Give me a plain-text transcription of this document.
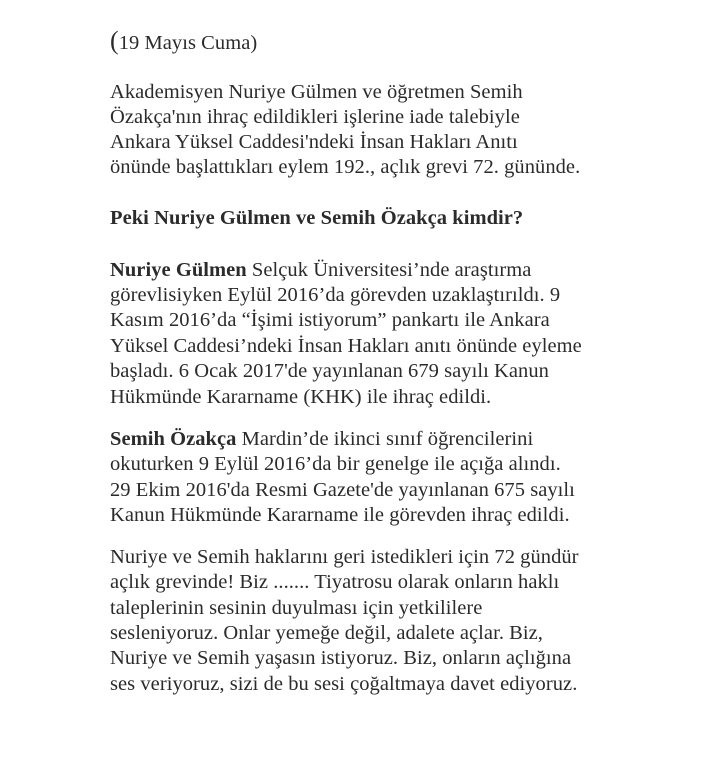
(19 Mayıs Cuma)
Akademisyen Nuriye Gülmen ve öğretmen Semih
Özakça'nın ihraç edildikleri işlerine iade talebiyle
Ankara Yüksel Caddesi'ndeki İnsan Hakları Anıtı
önünde başlattıkları eylem 192., açlık grevi 72. gününde.
Peki Nuriye Gülmen ve Semih Özakça kimdir?
Nuriye Gülmen Selçuk Üniversitesi’nde araştırma
görevlisiyken Eylül 2016’da görevden uzaklaştırıldı. 9
Kasım 2016’da “İşimi istiyorum” pankartı ile Ankara
Yüksel Caddesi’ndeki İnsan Hakları anıtı önünde eyleme
başladı. 6 Ocak 2017'de yayınlanan 679 sayılı Kanun
Hükmünde Kararname (KHK) ile ihraç edildi.
Semih Özakça Mardin’de ikinci sınıf öğrencilerini
okuturken 9 Eylül 2016’da bir genelge ile açığa alındı.
29 Ekim 2016'da Resmi Gazete'de yayınlanan 675 sayılı
Kanun Hükmünde Kararname ile görevden ihraç edildi.
Nuriye ve Semih haklarını geri istedikleri için 72 gündür
açlık grevinde! Biz ....... Tiyatrosu olarak onların haklı
taleplerinin sesinin duyulması için yetkililere
sesleniyoruz. Onlar yemeğe değil, adalete açlar. Biz,
Nuriye ve Semih yaşasın istiyoruz. Biz, onların açlığına
ses veriyoruz, sizi de bu sesi çoğaltmaya davet ediyoruz.
